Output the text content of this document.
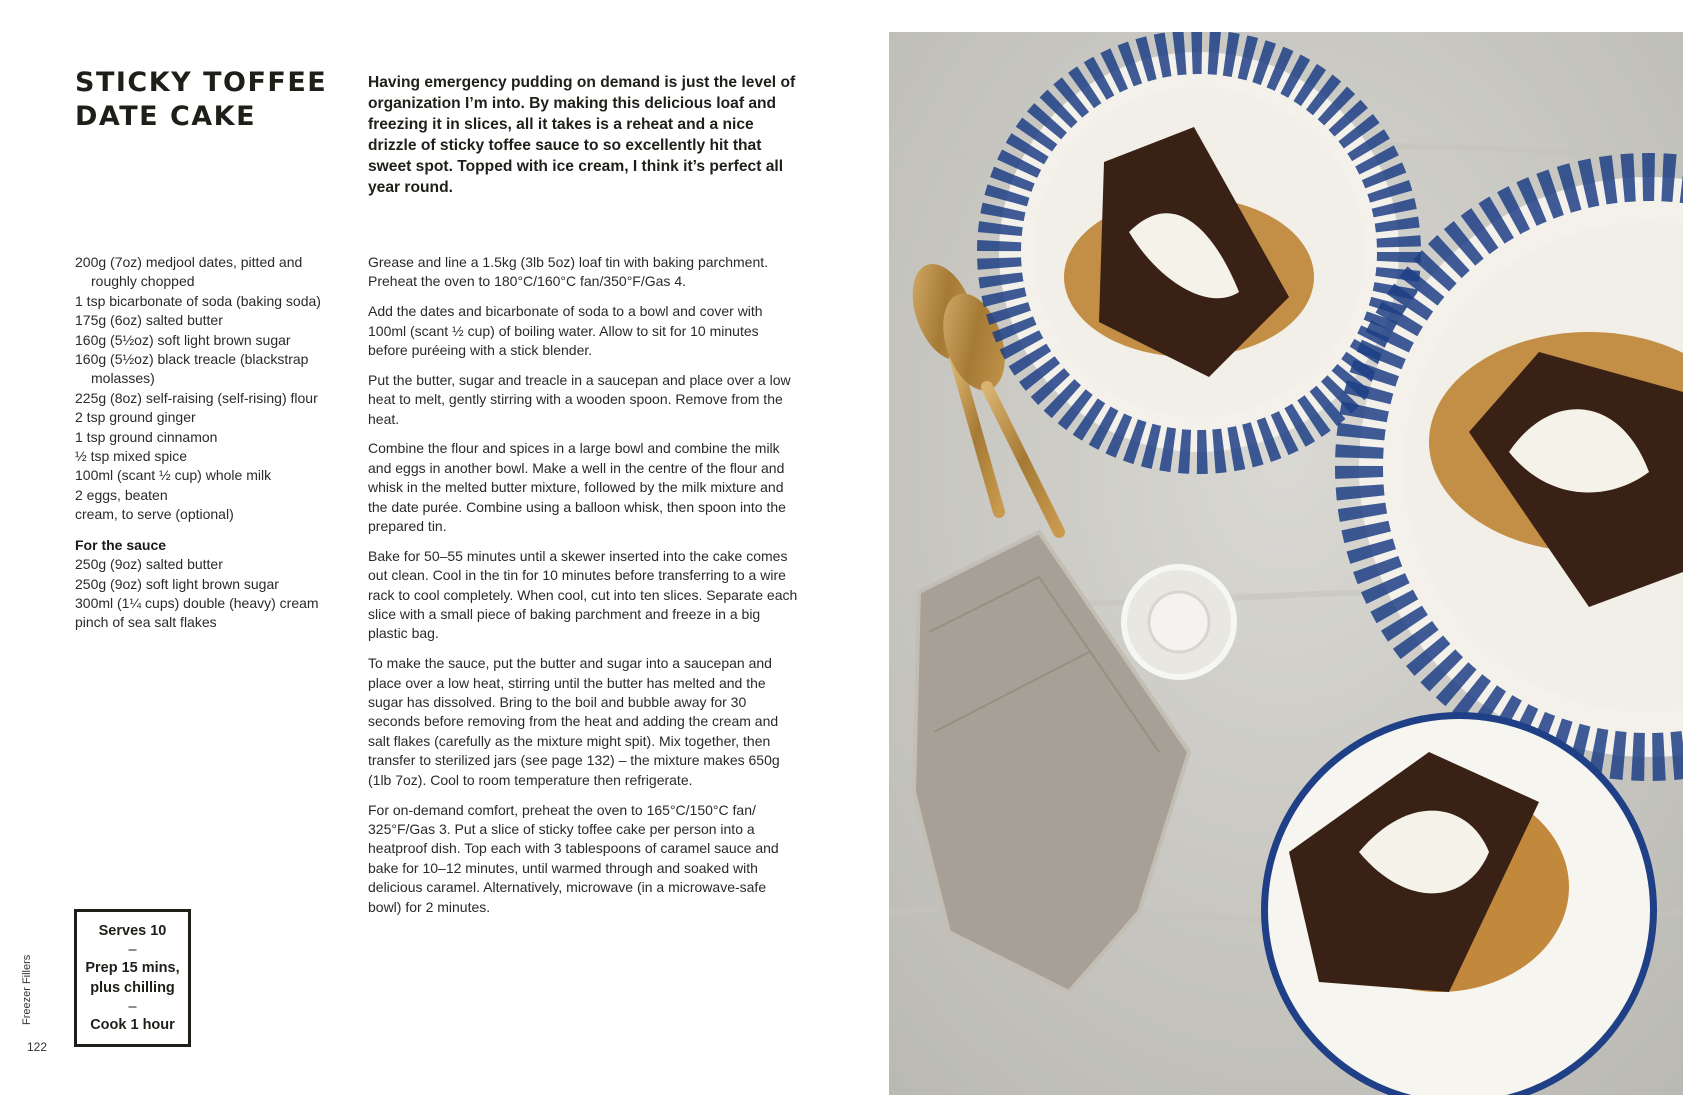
STICKY TOFFEE
DATE CAKE
Having emergency pudding on demand is just the level of organization I’m into. By making this delicious loaf and freezing it in slices, all it takes is a reheat and a nice drizzle of sticky toffee sauce to so excellently hit that sweet spot. Topped with ice cream, I think it’s perfect all year round.
200g (7oz) medjool dates, pitted and roughly chopped
1 tsp bicarbonate of soda (baking soda)
175g (6oz) salted butter
160g (5½oz) soft light brown sugar
160g (5½oz) black treacle (blackstrap molasses)
225g (8oz) self-raising (self-rising) flour
2 tsp ground ginger
1 tsp ground cinnamon
½ tsp mixed spice
100ml (scant ½ cup) whole milk
2 eggs, beaten
cream, to serve (optional)
For the sauce
250g (9oz) salted butter
250g (9oz) soft light brown sugar
300ml (1¼ cups) double (heavy) cream
pinch of sea salt flakes

Grease and line a 1.5kg (3lb 5oz) loaf tin with baking parchment. Preheat the oven to 180°C/160°C fan/350°F/Gas 4.

Add the dates and bicarbonate of soda to a bowl and cover with 100ml (scant ½ cup) of boiling water. Allow to sit for 10 minutes before puréeing with a stick blender.

Put the butter, sugar and treacle in a saucepan and place over a low heat to melt, gently stirring with a wooden spoon. Remove from the heat.

Combine the flour and spices in a large bowl and combine the milk and eggs in another bowl. Make a well in the centre of the flour and whisk in the melted butter mixture, followed by the milk mixture and the date purée. Combine using a balloon whisk, then spoon into the prepared tin.

Bake for 50–55 minutes until a skewer inserted into the cake comes out clean. Cool in the tin for 10 minutes before transferring to a wire rack to cool completely. When cool, cut into ten slices. Separate each slice with a small piece of baking parchment and freeze in a big plastic bag.

To make the sauce, put the butter and sugar into a saucepan and place over a low heat, stirring until the butter has melted and the sugar has dissolved. Bring to the boil and bubble away for 30 seconds before removing from the heat and adding the cream and salt flakes (carefully as the mixture might spit). Mix together, then transfer to sterilized jars (see page 132) – the mixture makes 650g (1lb 7oz). Cool to room temperature then refrigerate.

For on-demand comfort, preheat the oven to 165°C/150°C fan/ 325°F/Gas 3. Put a slice of sticky toffee cake per person into a heatproof dish. Top each with 3 tablespoons of caramel sauce and bake for 10–12 minutes, until warmed through and soaked with delicious caramel. Alternatively, microwave (in a microwave-safe bowl) for 2 minutes.

Serves 10
–
Prep 15 mins,
plus chilling
–
Cook 1 hour
Freezer Fillers
122
